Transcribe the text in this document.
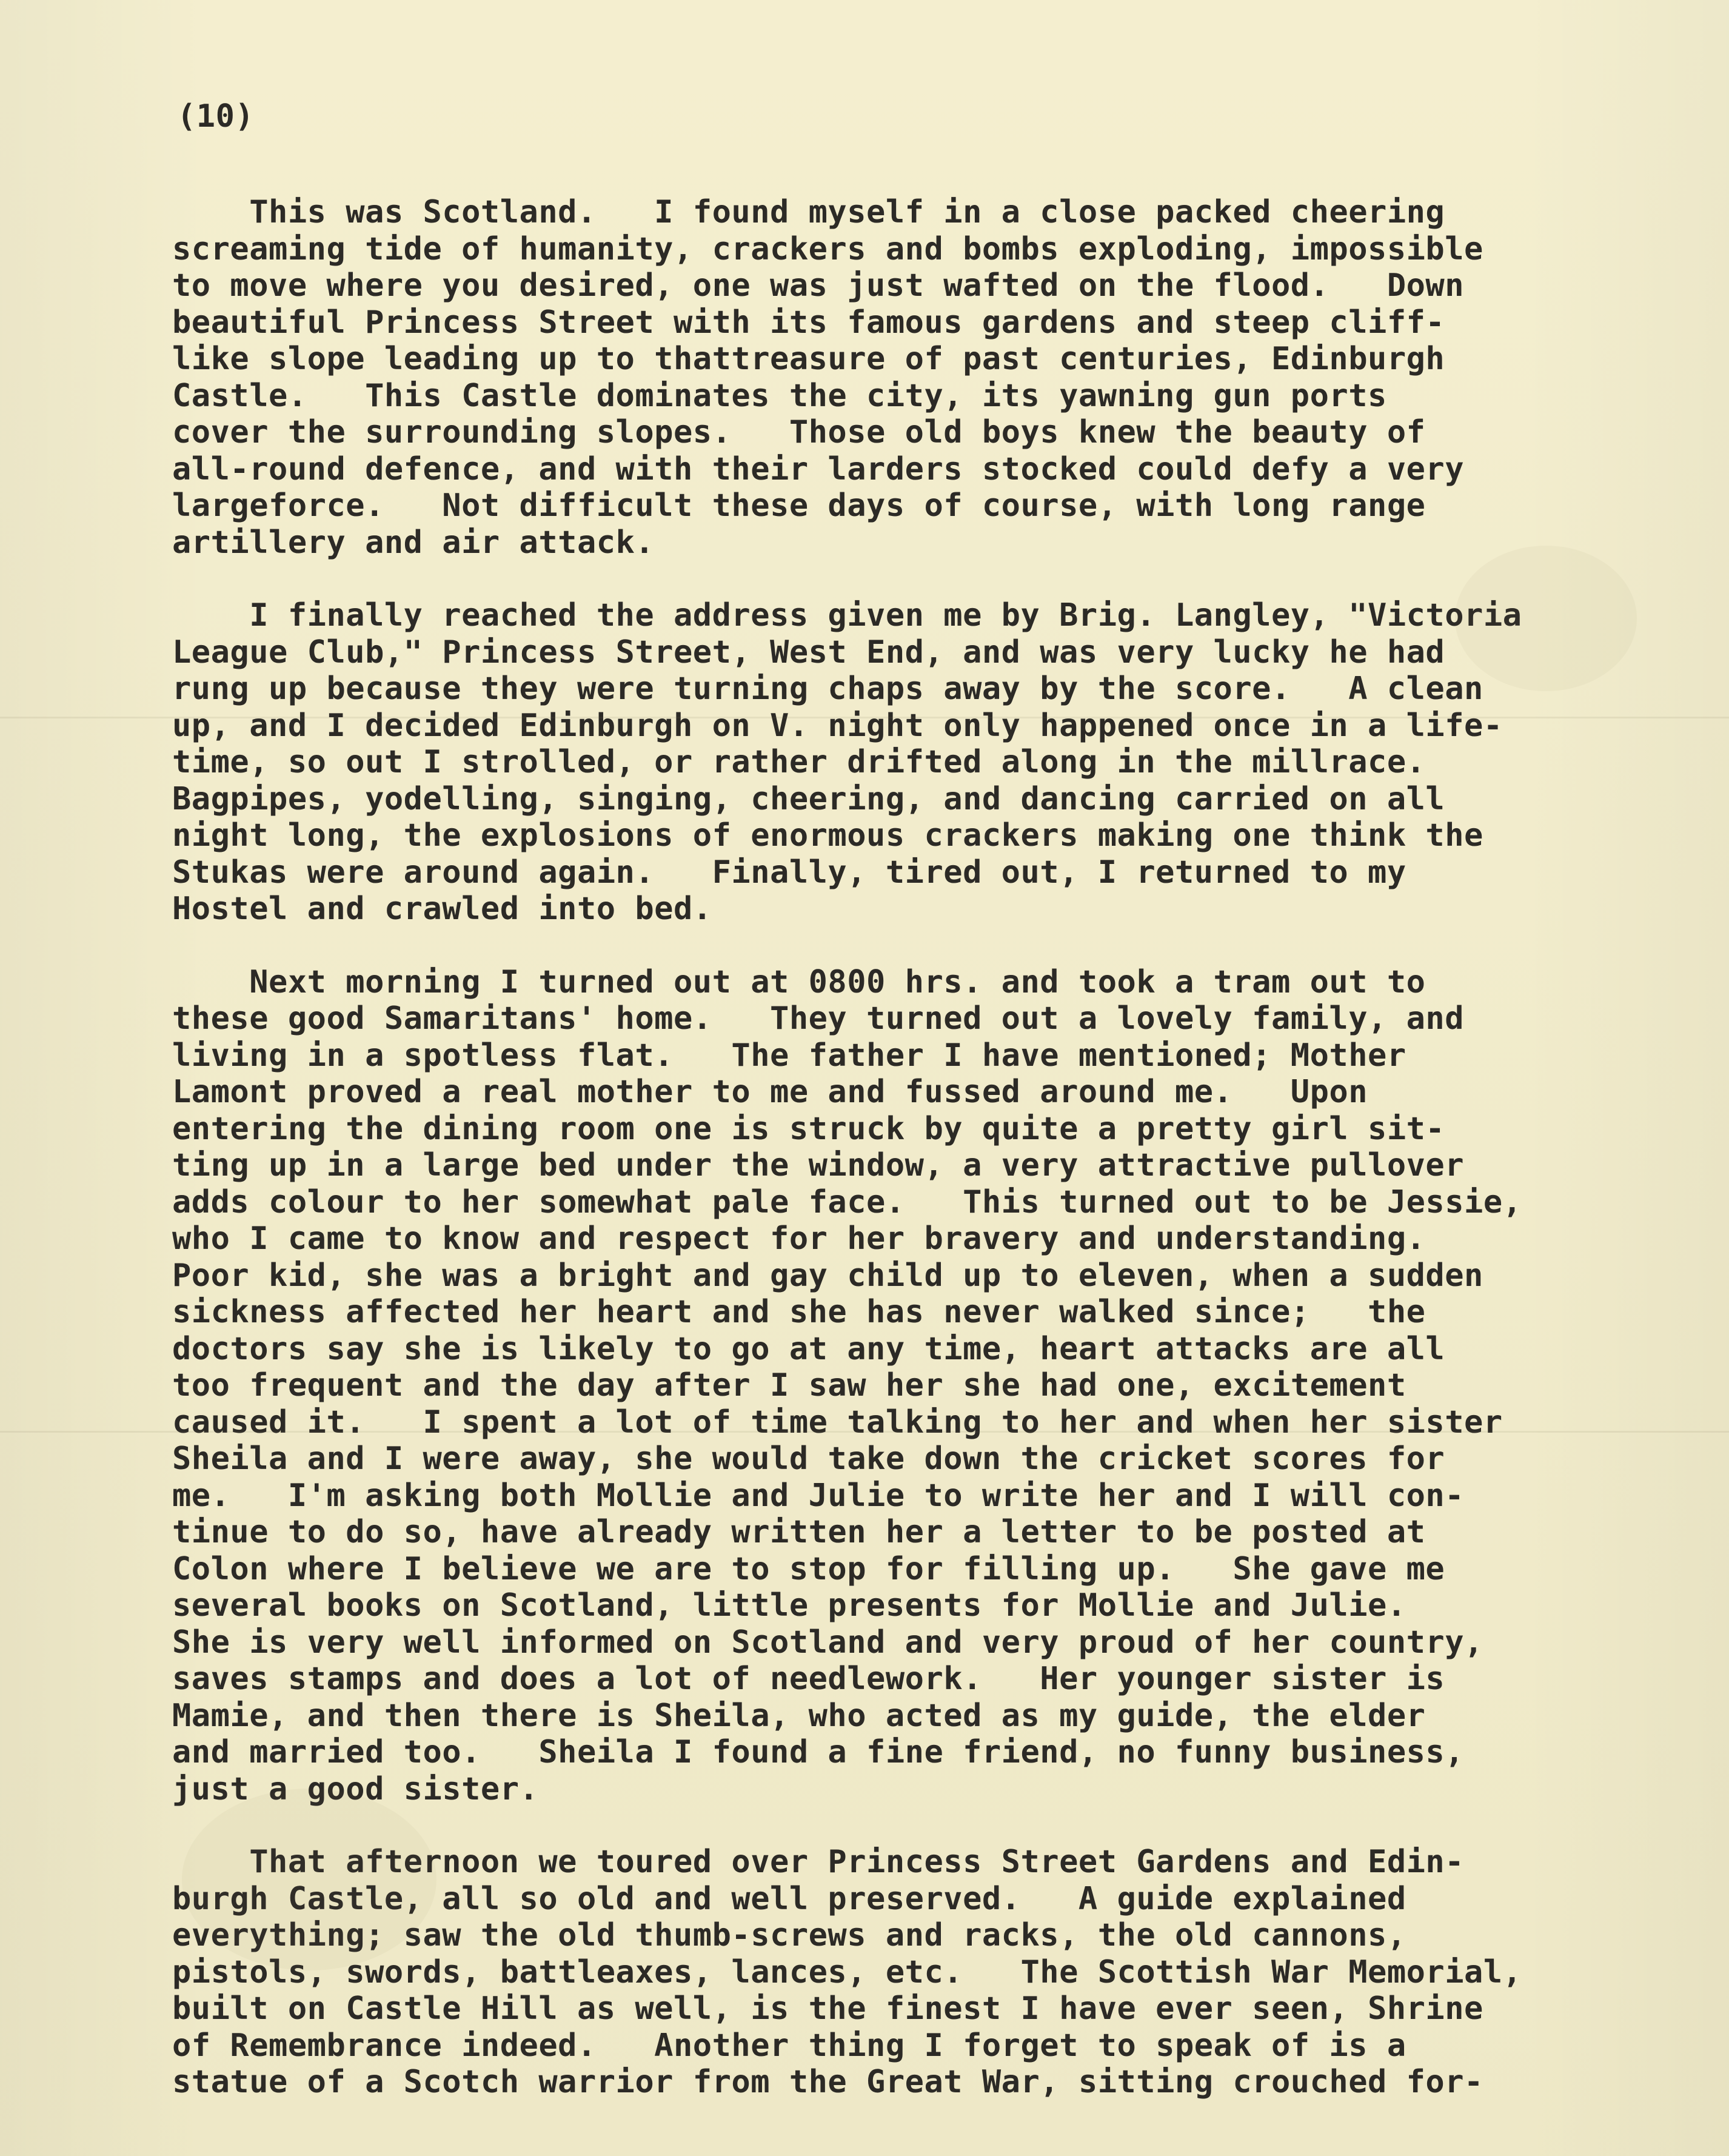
(10)
This was Scotland.   I found myself in a close packed cheering
screaming tide of humanity, crackers and bombs exploding, impossible
to move where you desired, one was just wafted on the flood.   Down
beautiful Princess Street with its famous gardens and steep cliff-
like slope leading up to thattreasure of past centuries, Edinburgh
Castle.   This Castle dominates the city, its yawning gun ports
cover the surrounding slopes.   Those old boys knew the beauty of
all-round defence, and with their larders stocked could defy a very
largeforce.   Not difficult these days of course, with long range
artillery and air attack.
I finally reached the address given me by Brig. Langley, "Victoria
League Club," Princess Street, West End, and was very lucky he had
rung up because they were turning chaps away by the score.   A clean
up, and I decided Edinburgh on V. night only happened once in a life-
time, so out I strolled, or rather drifted along in the millrace.
Bagpipes, yodelling, singing, cheering, and dancing carried on all
night long, the explosions of enormous crackers making one think the
Stukas were around again.   Finally, tired out, I returned to my
Hostel and crawled into bed.
Next morning I turned out at 0800 hrs. and took a tram out to
these good Samaritans' home.   They turned out a lovely family, and
living in a spotless flat.   The father I have mentioned; Mother
Lamont proved a real mother to me and fussed around me.   Upon
entering the dining room one is struck by quite a pretty girl sit-
ting up in a large bed under the window, a very attractive pullover
adds colour to her somewhat pale face.   This turned out to be Jessie,
who I came to know and respect for her bravery and understanding.
Poor kid, she was a bright and gay child up to eleven, when a sudden
sickness affected her heart and she has never walked since;   the
doctors say she is likely to go at any time, heart attacks are all
too frequent and the day after I saw her she had one, excitement
caused it.   I spent a lot of time talking to her and when her sister
Sheila and I were away, she would take down the cricket scores for
me.   I'm asking both Mollie and Julie to write her and I will con-
tinue to do so, have already written her a letter to be posted at
Colon where I believe we are to stop for filling up.   She gave me
several books on Scotland, little presents for Mollie and Julie.
She is very well informed on Scotland and very proud of her country,
saves stamps and does a lot of needlework.   Her younger sister is
Mamie, and then there is Sheila, who acted as my guide, the elder
and married too.   Sheila I found a fine friend, no funny business,
just a good sister.
That afternoon we toured over Princess Street Gardens and Edin-
burgh Castle, all so old and well preserved.   A guide explained
everything; saw the old thumb-screws and racks, the old cannons,
pistols, swords, battleaxes, lances, etc.   The Scottish War Memorial,
built on Castle Hill as well, is the finest I have ever seen, Shrine
of Remembrance indeed.   Another thing I forget to speak of is a
statue of a Scotch warrior from the Great War, sitting crouched for-
